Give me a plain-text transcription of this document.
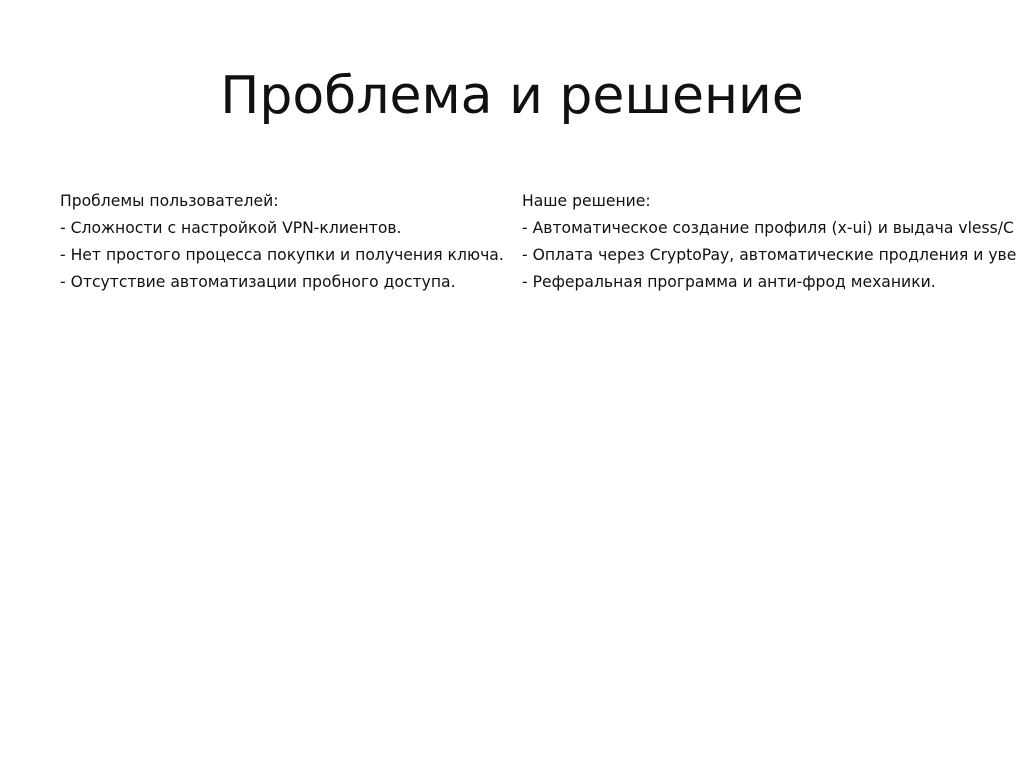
Проблема и решение
Проблемы пользователей:
- Сложности с настройкой VPN-клиентов.
- Нет простого процесса покупки и получения ключа.
- Отсутствие автоматизации пробного доступа.
Наше решение:
- Автоматическое создание профиля (x-ui) и выдача vless/C
- Оплата через CryptoPay, автоматические продления и уве
- Реферальная программа и анти-фрод механики.
